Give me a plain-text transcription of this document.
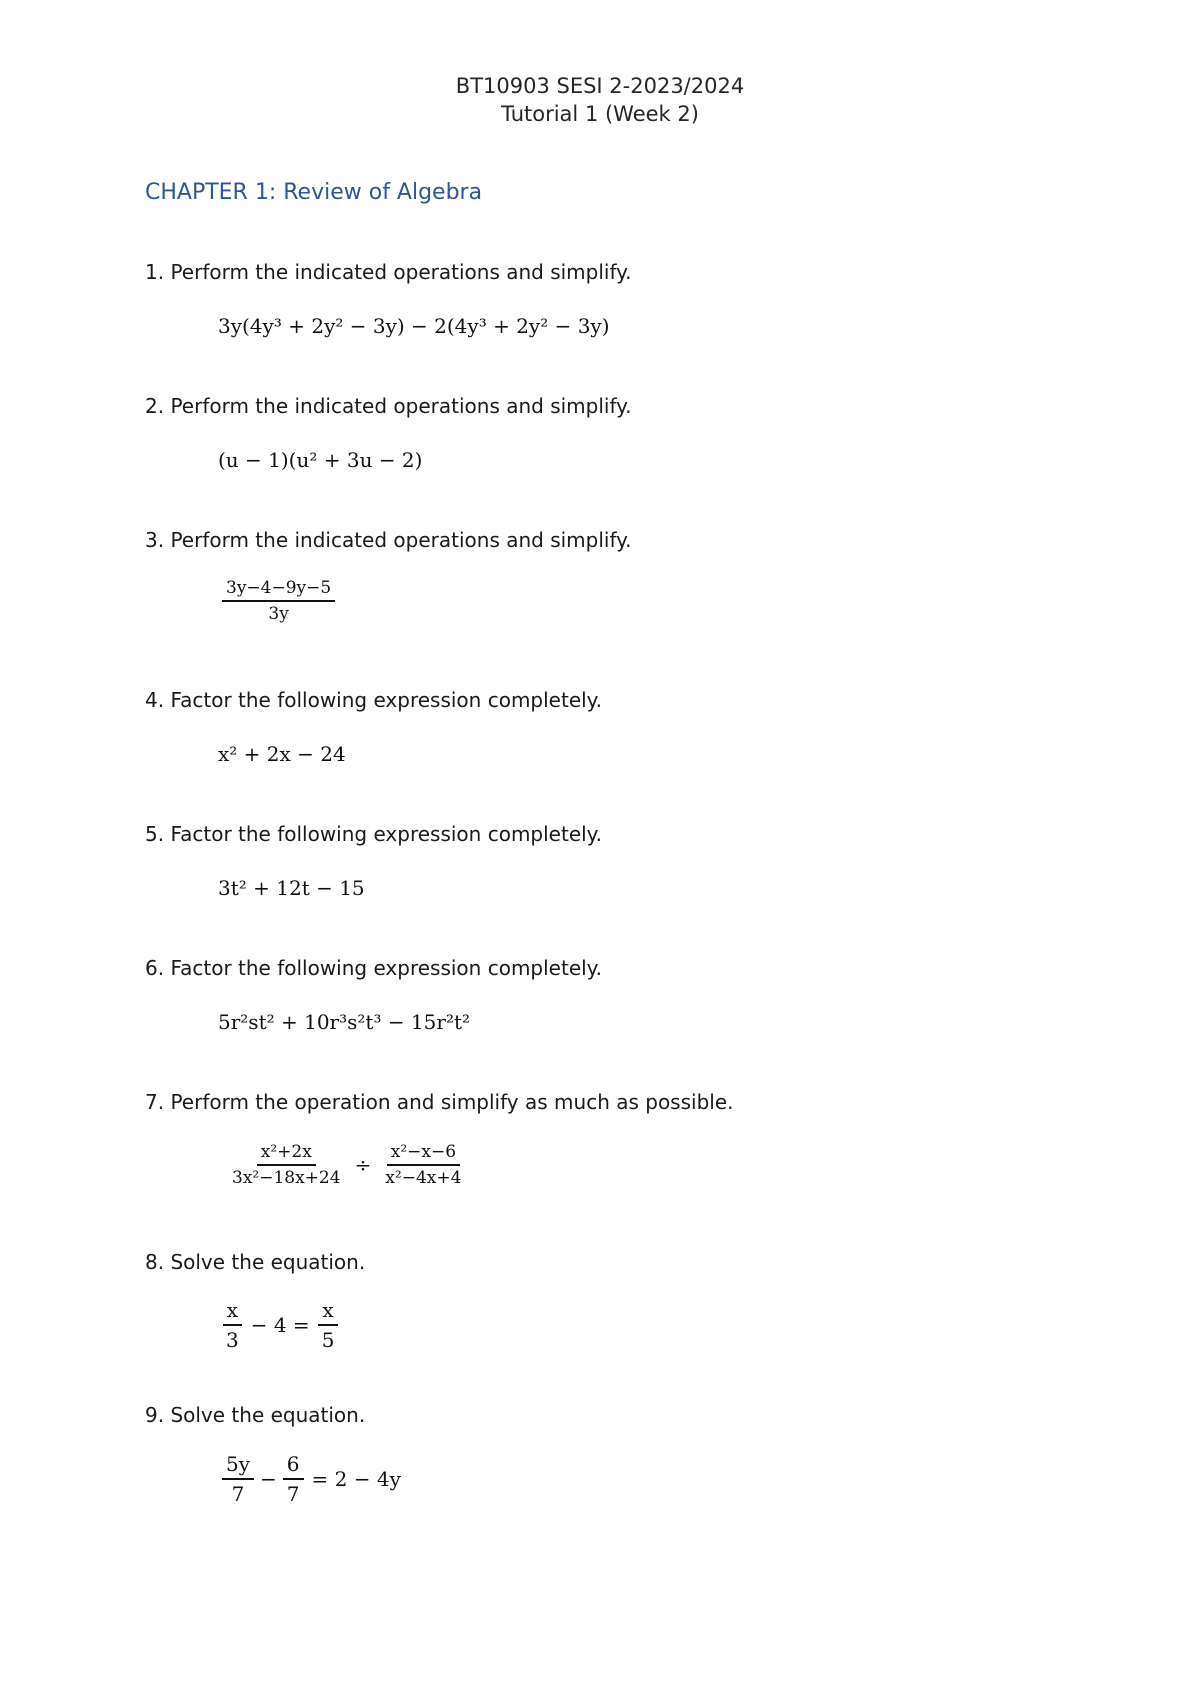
BT10903 SESI 2-2023/2024
Tutorial 1 (Week 2)
CHAPTER 1: Review of Algebra
1. Perform the indicated operations and simplify.
3y(4y³ + 2y² − 3y) − 2(4y³ + 2y² − 3y)
2. Perform the indicated operations and simplify.
(u − 1)(u² + 3u − 2)
3. Perform the indicated operations and simplify.
$\frac{3y-4-9y-5}{3y}$
4. Factor the following expression completely.
x² + 2x − 24
5. Factor the following expression completely.
3t² + 12t − 15
6. Factor the following expression completely.
5r²st² + 10r³s²t³ − 15r²t²
7. Perform the operation and simplify as much as possible.
$\frac{\text{x²+2x}}{\text{3x²−18x+24}} \div \frac{\text{x²−x−6}}{\text{x²−4x+4}}$
8. Solve the equation.
$\frac{x}{3} - 4 = \frac{x}{5}$
9. Solve the equation.
$\frac{5y}{7} - \frac{6}{7} = 2 - 4y$
